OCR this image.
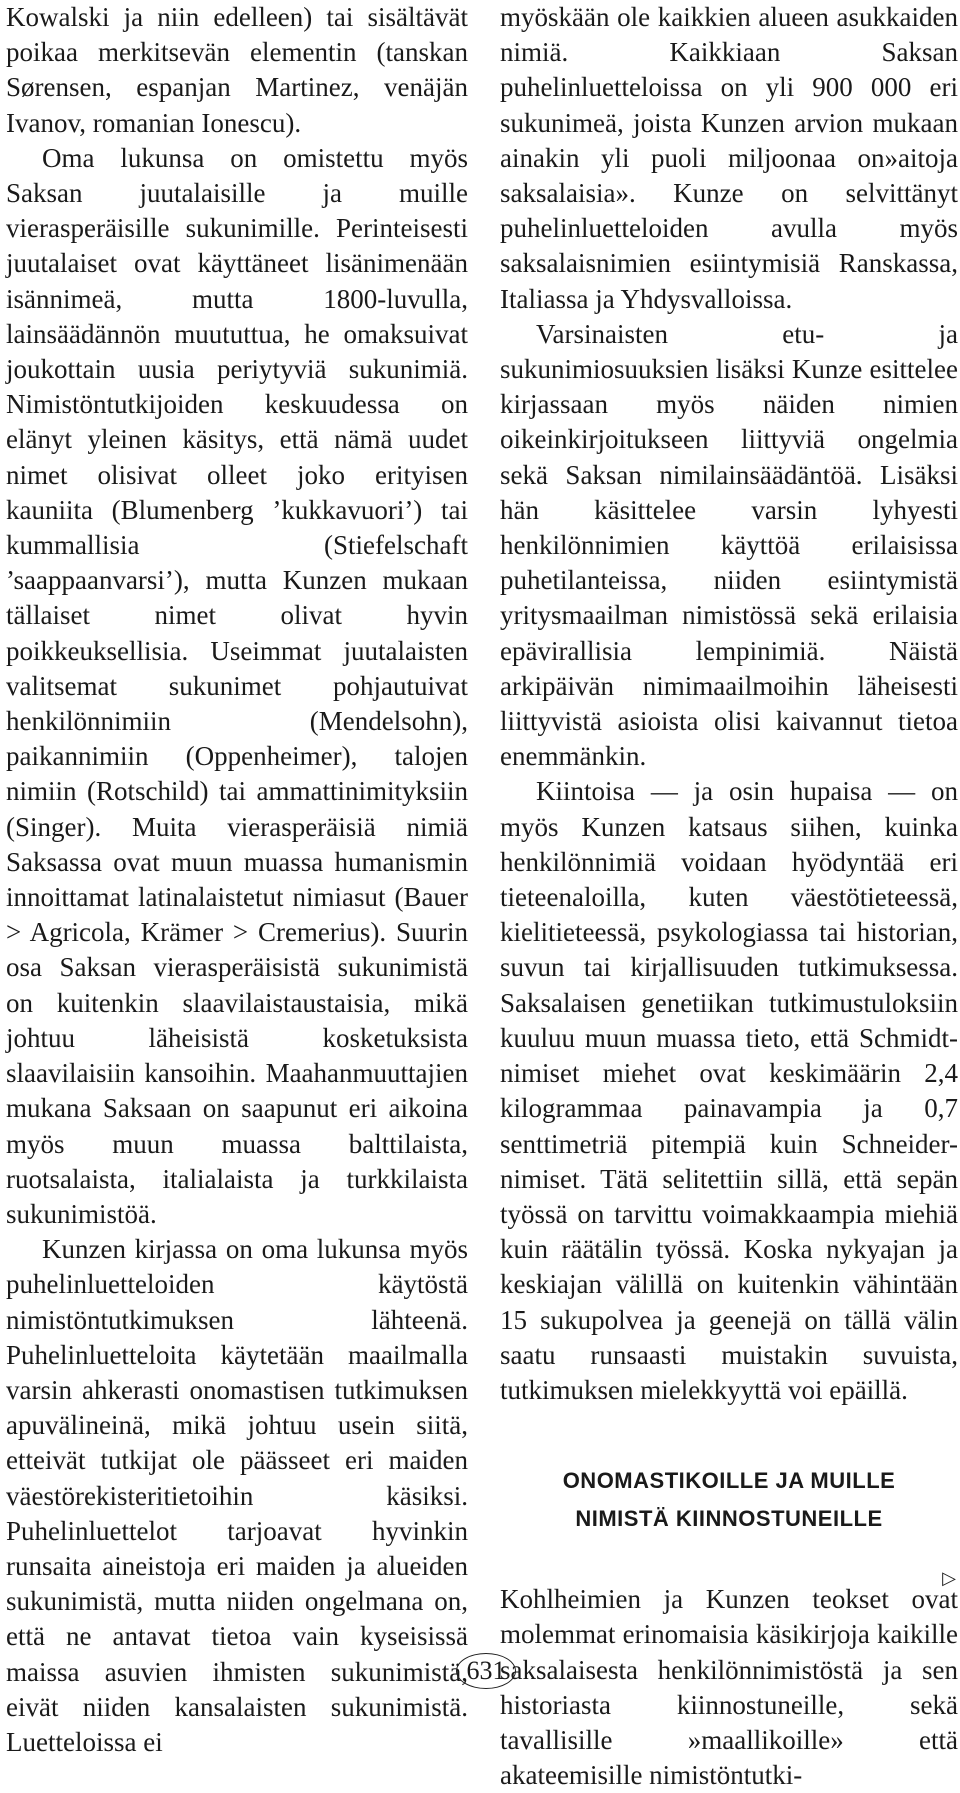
Kowalski ja niin edelleen) tai sisältävät poikaa merkitsevän elementin (tanskan Sørensen, espanjan Martinez, venäjän Ivanov, romanian Ionescu).

Oma lukunsa on omistettu myös Saksan juutalaisille ja muille vierasperäisille sukunimille. Perinteisesti juutalaiset ovat käyttäneet lisänimenään isännimeä, mutta 1800-luvulla, lainsäädännön muututtua, he omaksuivat joukottain uusia periytyviä sukunimiä. Nimistöntutkijoiden keskuudessa on elänyt yleinen käsitys, että nämä uudet nimet olisivat olleet joko erityisen kauniita (Blumenberg ’kukkavuori’) tai kummallisia (Stiefelschaft ’saappaanvarsi’), mutta Kunzen mukaan tällaiset nimet olivat hyvin poikkeuksellisia. Useimmat juutalaisten valitsemat sukunimet pohjautuivat henkilönnimiin (Mendelsohn), paikannimiin (Oppenheimer), talojen nimiin (Rotschild) tai ammattinimityksiin (Singer). Muita vierasperäisiä nimiä Saksassa ovat muun muassa humanismin innoittamat latinalaistetut nimiasut (Bauer > Agricola, Krämer > Cremerius). Suurin osa Saksan vierasperäisistä sukunimistä on kuitenkin slaavilaistaustaisia, mikä johtuu läheisistä kosketuksista slaavilaisiin kansoihin. Maahanmuuttajien mukana Saksaan on saapunut eri aikoina myös muun muassa balttilaista, ruotsalaista, italialaista ja turkkilaista sukunimistöä.

Kunzen kirjassa on oma lukunsa myös puhelinluetteloiden käytöstä nimistöntutkimuksen lähteenä. Puhelinluetteloita käytetään maailmalla varsin ahkerasti onomastisen tutkimuksen apuvälineinä, mikä johtuu usein siitä, etteivät tutkijat ole päässeet eri maiden väestörekisteritietoihin käsiksi. Puhelinluettelot tarjoavat hyvinkin runsaita aineistoja eri maiden ja alueiden sukunimistä, mutta niiden ongelmana on, että ne antavat tietoa vain kyseisissä maissa asuvien ihmisten sukunimistä, eivät niiden kansalaisten sukunimistä. Luetteloissa ei

myöskään ole kaikkien alueen asukkaiden nimiä. Kaikkiaan Saksan puhelinluetteloissa on yli 900 000 eri sukunimeä, joista Kunzen arvion mukaan ainakin yli puoli miljoonaa on»aitoja saksalaisia». Kunze on selvittänyt puhelinluetteloiden avulla myös saksalaisnimien esiintymisiä Ranskassa, Italiassa ja Yhdysvalloissa.

Varsinaisten etu- ja sukunimiosuuksien lisäksi Kunze esittelee kirjassaan myös näiden nimien oikeinkirjoitukseen liittyviä ongelmia sekä Saksan nimilainsäädäntöä. Lisäksi hän käsittelee varsin lyhyesti henkilönnimien käyttöä erilaisissa puhetilanteissa, niiden esiintymistä yritysmaailman nimistössä sekä erilaisia epävirallisia lempinimiä. Näistä arkipäivän nimimaailmoihin läheisesti liittyvistä asioista olisi kaivannut tietoa enemmänkin.

Kiintoisa — ja osin hupaisa — on myös Kunzen katsaus siihen, kuinka henkilönnimiä voidaan hyödyntää eri tieteenaloilla, kuten väestötieteessä, kielitieteessä, psykologiassa tai historian, suvun tai kirjallisuuden tutkimuksessa. Saksalaisen genetiikan tutkimustuloksiin kuuluu muun muassa tieto, että Schmidt-nimiset miehet ovat keskimäärin 2,4 kilogrammaa painavampia ja 0,7 senttimetriä pitempiä kuin Schneider-nimiset. Tätä selitettiin sillä, että sepän työssä on tarvittu voimakkaampia miehiä kuin räätälin työssä. Koska nykyajan ja keskiajan välillä on kuitenkin vähintään 15 sukupolvea ja geenejä on tällä välin saatu runsaasti muistakin suvuista, tutkimuksen mielekkyyttä voi epäillä.

ONOMASTIKOILLE JA MUILLE
NIMISTÄ KIINNOSTUNEILLE

Kohlheimien ja Kunzen teokset ovat molemmat erinomaisia käsikirjoja kaikille saksalaisesta henkilönnimistöstä ja sen historiasta kiinnostuneille, sekä tavallisille »maallikoille» että akateemisille nimistöntutki-

▷
631
